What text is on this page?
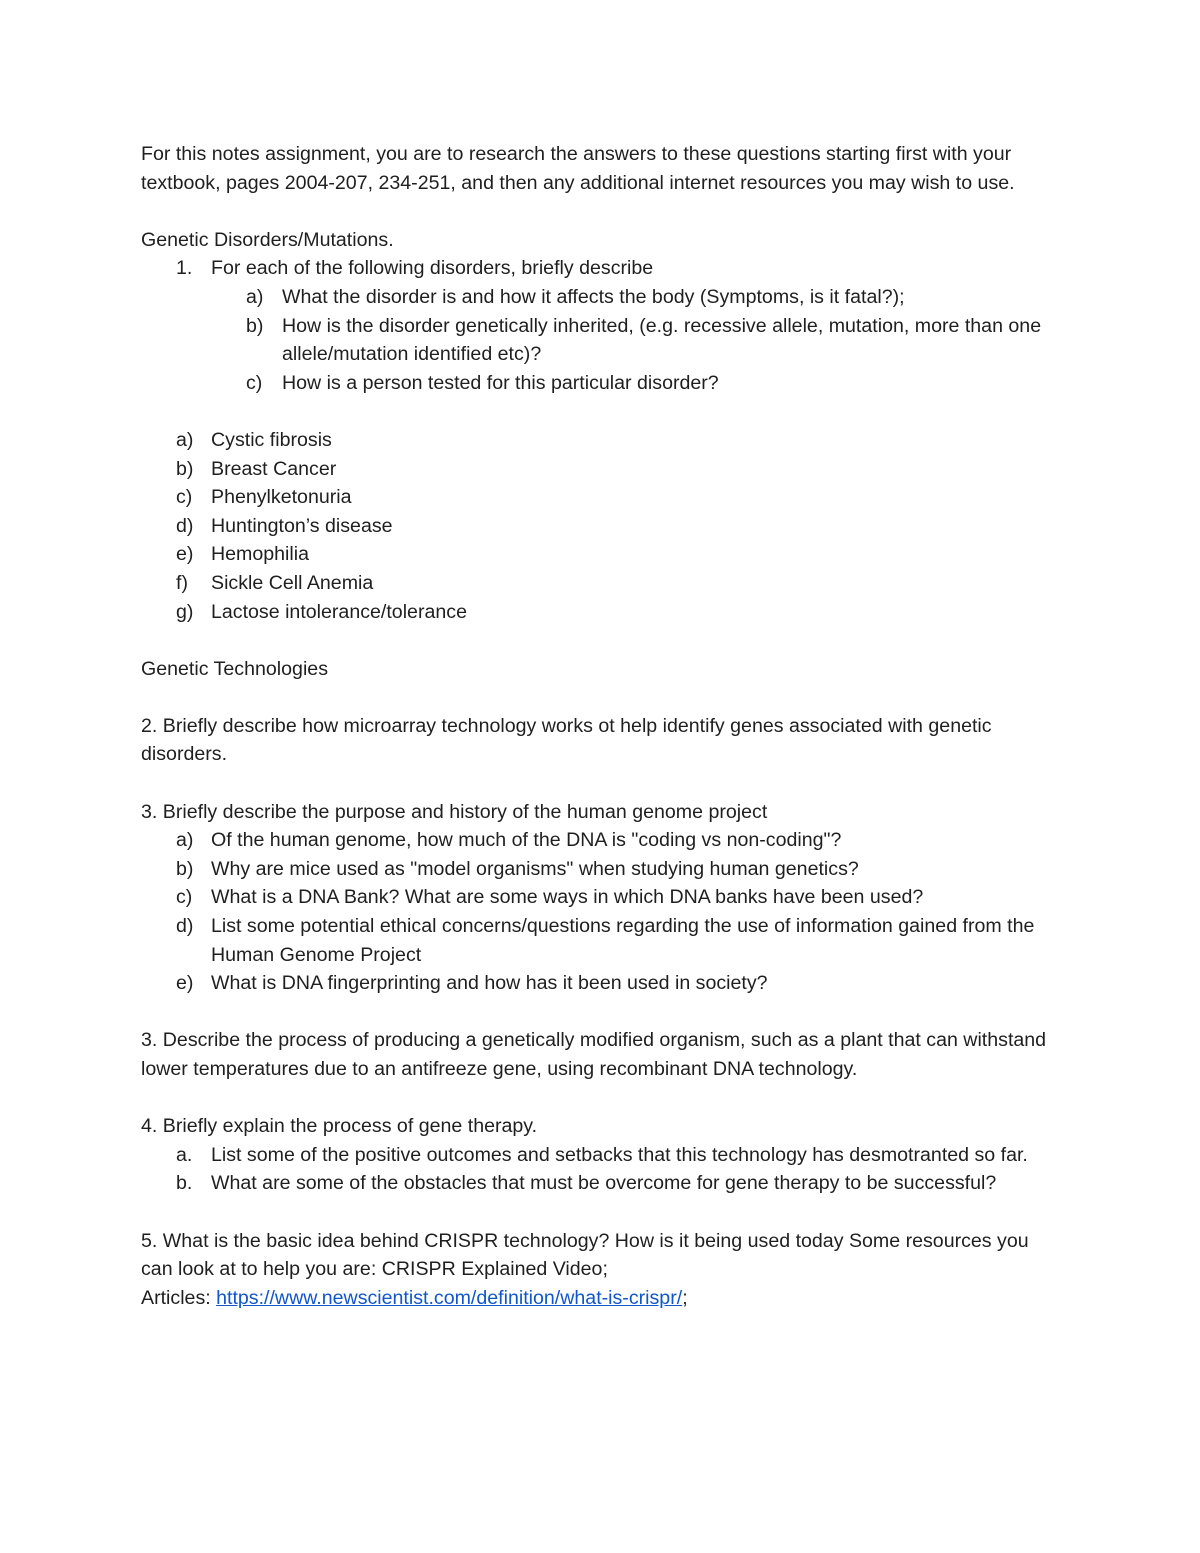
For this notes assignment, you are to research the answers to these questions starting first with your textbook, pages 2004-207, 234-251, and then any additional internet resources you may wish to use.

Genetic Disorders/Mutations.

1. For each of the following disorders, briefly describe
a) What the disorder is and how it affects the body (Symptoms, is it fatal?);
b) How is the disorder genetically inherited, (e.g. recessive allele, mutation, more than one allele/mutation identified etc)?
c)	How is a person tested for this particular disorder?
a) Cystic fibrosis
b) Breast Cancer
c) Phenylketonuria
d) Huntington’s disease
e) Hemophilia
f)	Sickle Cell Anemia
g) Lactose intolerance/tolerance

Genetic Technologies

2. Briefly describe how microarray technology works ot help identify genes associated with genetic disorders.

3. Briefly describe the purpose and history of the human genome project

a) Of the human genome, how much of the DNA is "coding vs non-coding"?
b) Why are mice used as "model organisms" when studying human genetics?
c) What is a DNA Bank? What are some ways in which DNA banks have been used?
d) List some potential ethical concerns/questions regarding the use of information gained from the Human Genome Project
e) What is DNA fingerprinting and how has it been used in society?

3. Describe the process of producing a genetically modified organism, such as a plant that can withstand lower temperatures due to an antifreeze gene, using recombinant DNA technology.

4. Briefly explain the process of gene therapy.

a. List some of the positive outcomes and setbacks that this technology has desmotranted so far.
b. What are some of the obstacles that must be overcome for gene therapy to be successful?

5. What is the basic idea behind CRISPR technology? How is it being used today Some resources you can look at to help you are: CRISPR Explained Video;

Articles: https://www.newscientist.com/definition/what-is-crispr/;
